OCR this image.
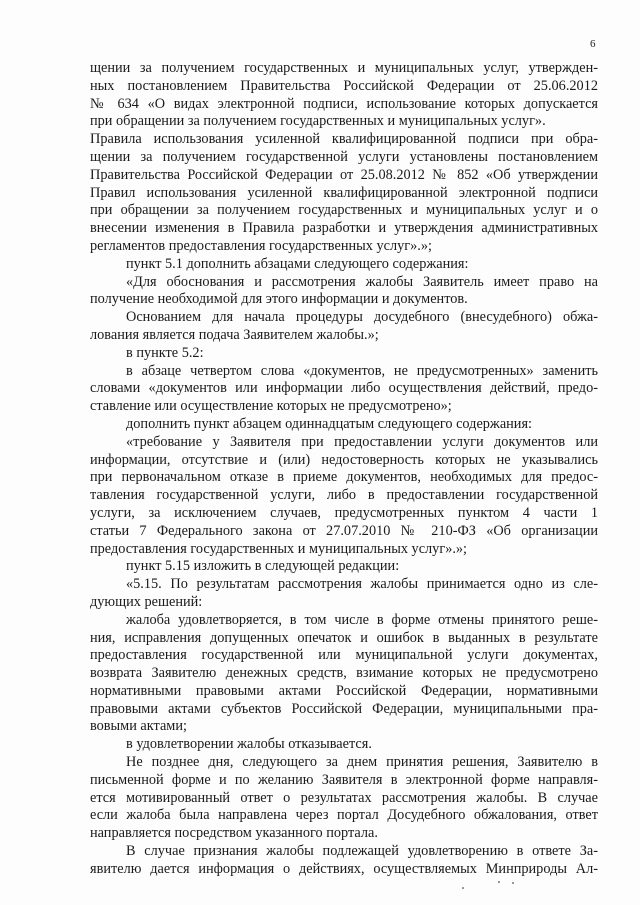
6
щении за получением государственных и муниципальных услуг, утвержден-
ных постановлением Правительства Российской Федерации от 25.06.2012
№ 634 «О видах электронной подписи, использование которых допускается
при обращении за получением государственных и муниципальных услуг».
Правила использования усиленной квалифицированной подписи при обра-
щении за получением государственной услуги установлены постановлением
Правительства Российской Федерации от 25.08.2012 № 852 «Об утверждении
Правил использования усиленной квалифицированной электронной подписи
при обращении за получением государственных и муниципальных услуг и о
внесении изменения в Правила разработки и утверждения административных
регламентов предоставления государственных услуг».»;
пункт 5.1 дополнить абзацами следующего содержания:
«Для обоснования и рассмотрения жалобы Заявитель имеет право на
получение необходимой для этого информации и документов.
Основанием для начала процедуры досудебного (внесудебного) обжа-
лования является подача Заявителем жалобы.»;
в пункте 5.2:
в абзаце четвертом слова «документов, не предусмотренных» заменить
словами «документов или информации либо осуществления действий, предо-
ставление или осуществление которых не предусмотрено»;
дополнить пункт абзацем одиннадцатым следующего содержания:
«требование у Заявителя при предоставлении услуги документов или
информации, отсутствие и (или) недостоверность которых не указывались
при первоначальном отказе в приеме документов, необходимых для предос-
тавления государственной услуги, либо в предоставлении государственной
услуги, за исключением случаев, предусмотренных пунктом 4 части 1
статьи 7 Федерального закона от 27.07.2010 № 210-ФЗ «Об организации
предоставления государственных и муниципальных услуг».»;
пункт 5.15 изложить в следующей редакции:
«5.15. По результатам рассмотрения жалобы принимается одно из сле-
дующих решений:
жалоба удовлетворяется, в том числе в форме отмены принятого реше-
ния, исправления допущенных опечаток и ошибок в выданных в результате
предоставления государственной или муниципальной услуги документах,
возврата Заявителю денежных средств, взимание которых не предусмотрено
нормативными правовыми актами Российской Федерации, нормативными
правовыми актами субъектов Российской Федерации, муниципальными пра-
вовыми актами;
в удовлетворении жалобы отказывается.
Не позднее дня, следующего за днем принятия решения, Заявителю в
письменной форме и по желанию Заявителя в электронной форме направля-
ется мотивированный ответ о результатах рассмотрения жалобы. В случае
если жалоба была направлена через портал Досудебного обжалования, ответ
направляется посредством указанного портала.
В случае признания жалобы подлежащей удовлетворению в ответе За-
явителю дается информация о действиях, осуществляемых Минприроды Ал-
